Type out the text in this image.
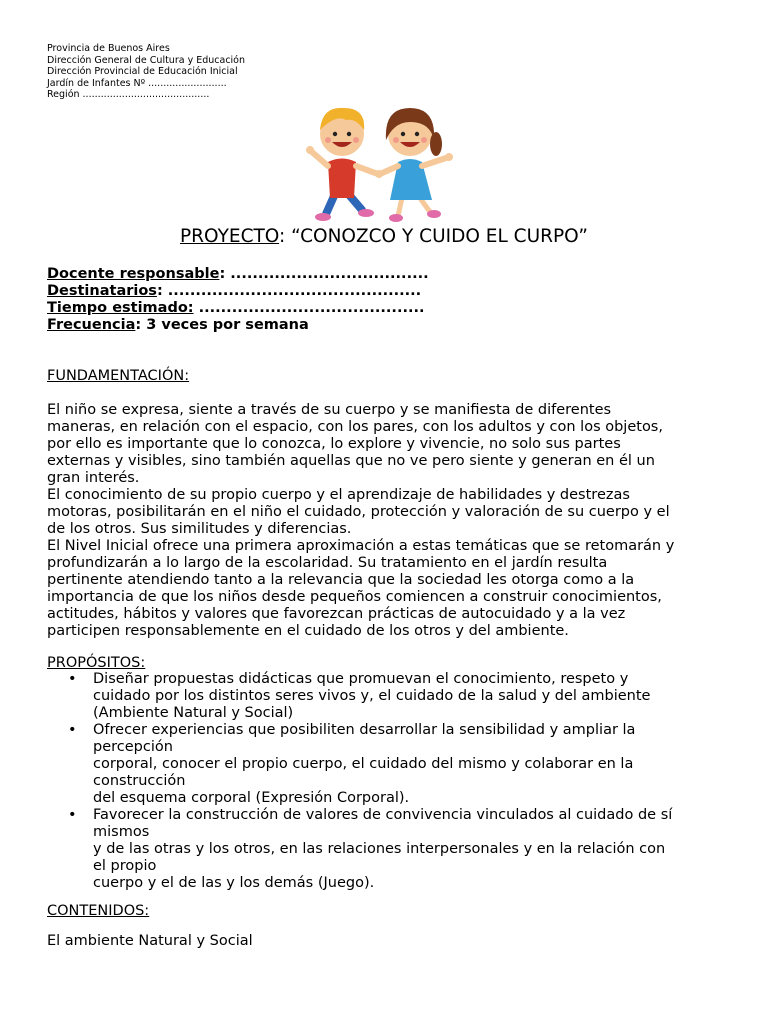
Provincia de Buenos Aires
Dirección General de Cultura y Educación
Dirección Provincial de Educación Inicial
Jardín de Infantes Nº ..........................
Región ..........................................
PROYECTO: “CONOZCO Y CUIDO EL CURPO”
Docente responsable: ....................................
Destinatarios: ..............................................
Tiempo estimado: .........................................
Frecuencia: 3 veces por semana
FUNDAMENTACIÓN:

El niño se expresa, siente a través de su cuerpo y se manifiesta de diferentes
maneras, en relación con el espacio, con los pares, con los adultos y con los objetos,
por ello es importante que lo conozca, lo explore y vivencie, no solo sus partes
externas y visibles, sino también aquellas que no ve pero siente y generan en él un
gran interés.

El conocimiento de su propio cuerpo y el aprendizaje de habilidades y destrezas
motoras, posibilitarán en el niño el cuidado, protección y valoración de su cuerpo y el
de los otros. Sus similitudes y diferencias.

El Nivel Inicial ofrece una primera aproximación a estas temáticas que se retomarán y
profundizarán a lo largo de la escolaridad. Su tratamiento en el jardín resulta
pertinente atendiendo tanto a la relevancia que la sociedad les otorga como a la
importancia de que los niños desde pequeños comiencen a construir conocimientos,
actitudes, hábitos y valores que favorezcan prácticas de autocuidado y a la vez
participen responsablemente en el cuidado de los otros y del ambiente.

PROPÓSITOS:
• Diseñar propuestas didácticas que promuevan el conocimiento, respeto y
cuidado por los distintos seres vivos y, el cuidado de la salud y del ambiente
(Ambiente Natural y Social)
• Ofrecer experiencias que posibiliten desarrollar la sensibilidad y ampliar la
percepción
corporal, conocer el propio cuerpo, el cuidado del mismo y colaborar en la
construcción
del esquema corporal (Expresión Corporal).
• Favorecer la construcción de valores de convivencia vinculados al cuidado de sí
mismos
y de las otras y los otros, en las relaciones interpersonales y en la relación con
el propio
cuerpo y el de las y los demás (Juego).
CONTENIDOS:
El ambiente Natural y Social
